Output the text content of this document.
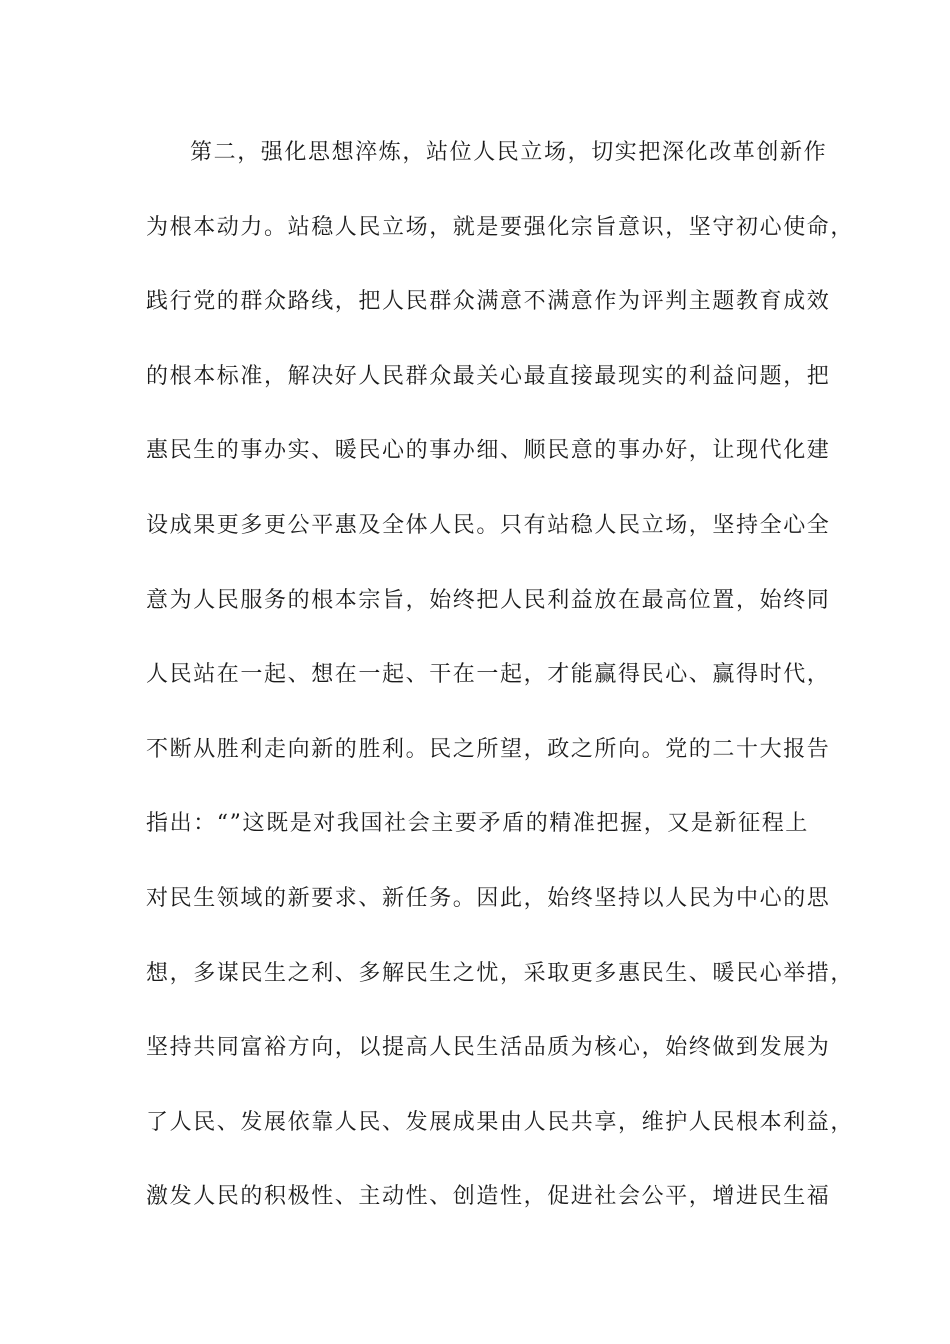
第二，强化思想淬炼，站位人民立场，切实把深化改革创新作
为根本动力。站稳人民立场，就是要强化宗旨意识，坚守初心使命，
践行党的群众路线，把人民群众满意不满意作为评判主题教育成效
的根本标准，解决好人民群众最关心最直接最现实的利益问题，把
惠民生的事办实、暖民心的事办细、顺民意的事办好，让现代化建
设成果更多更公平惠及全体人民。只有站稳人民立场，坚持全心全
意为人民服务的根本宗旨，始终把人民利益放在最高位置，始终同
人民站在一起、想在一起、干在一起，才能赢得民心、赢得时代，
不断从胜利走向新的胜利。民之所望，政之所向。党的二十大报告
指出：“”这既是对我国社会主要矛盾的精准把握，又是新征程上
对民生领域的新要求、新任务。因此，始终坚持以人民为中心的思
想，多谋民生之利、多解民生之忧，采取更多惠民生、暖民心举措，
坚持共同富裕方向，以提高人民生活品质为核心，始终做到发展为
了人民、发展依靠人民、发展成果由人民共享，维护人民根本利益，
激发人民的积极性、主动性、创造性，促进社会公平，增进民生福
